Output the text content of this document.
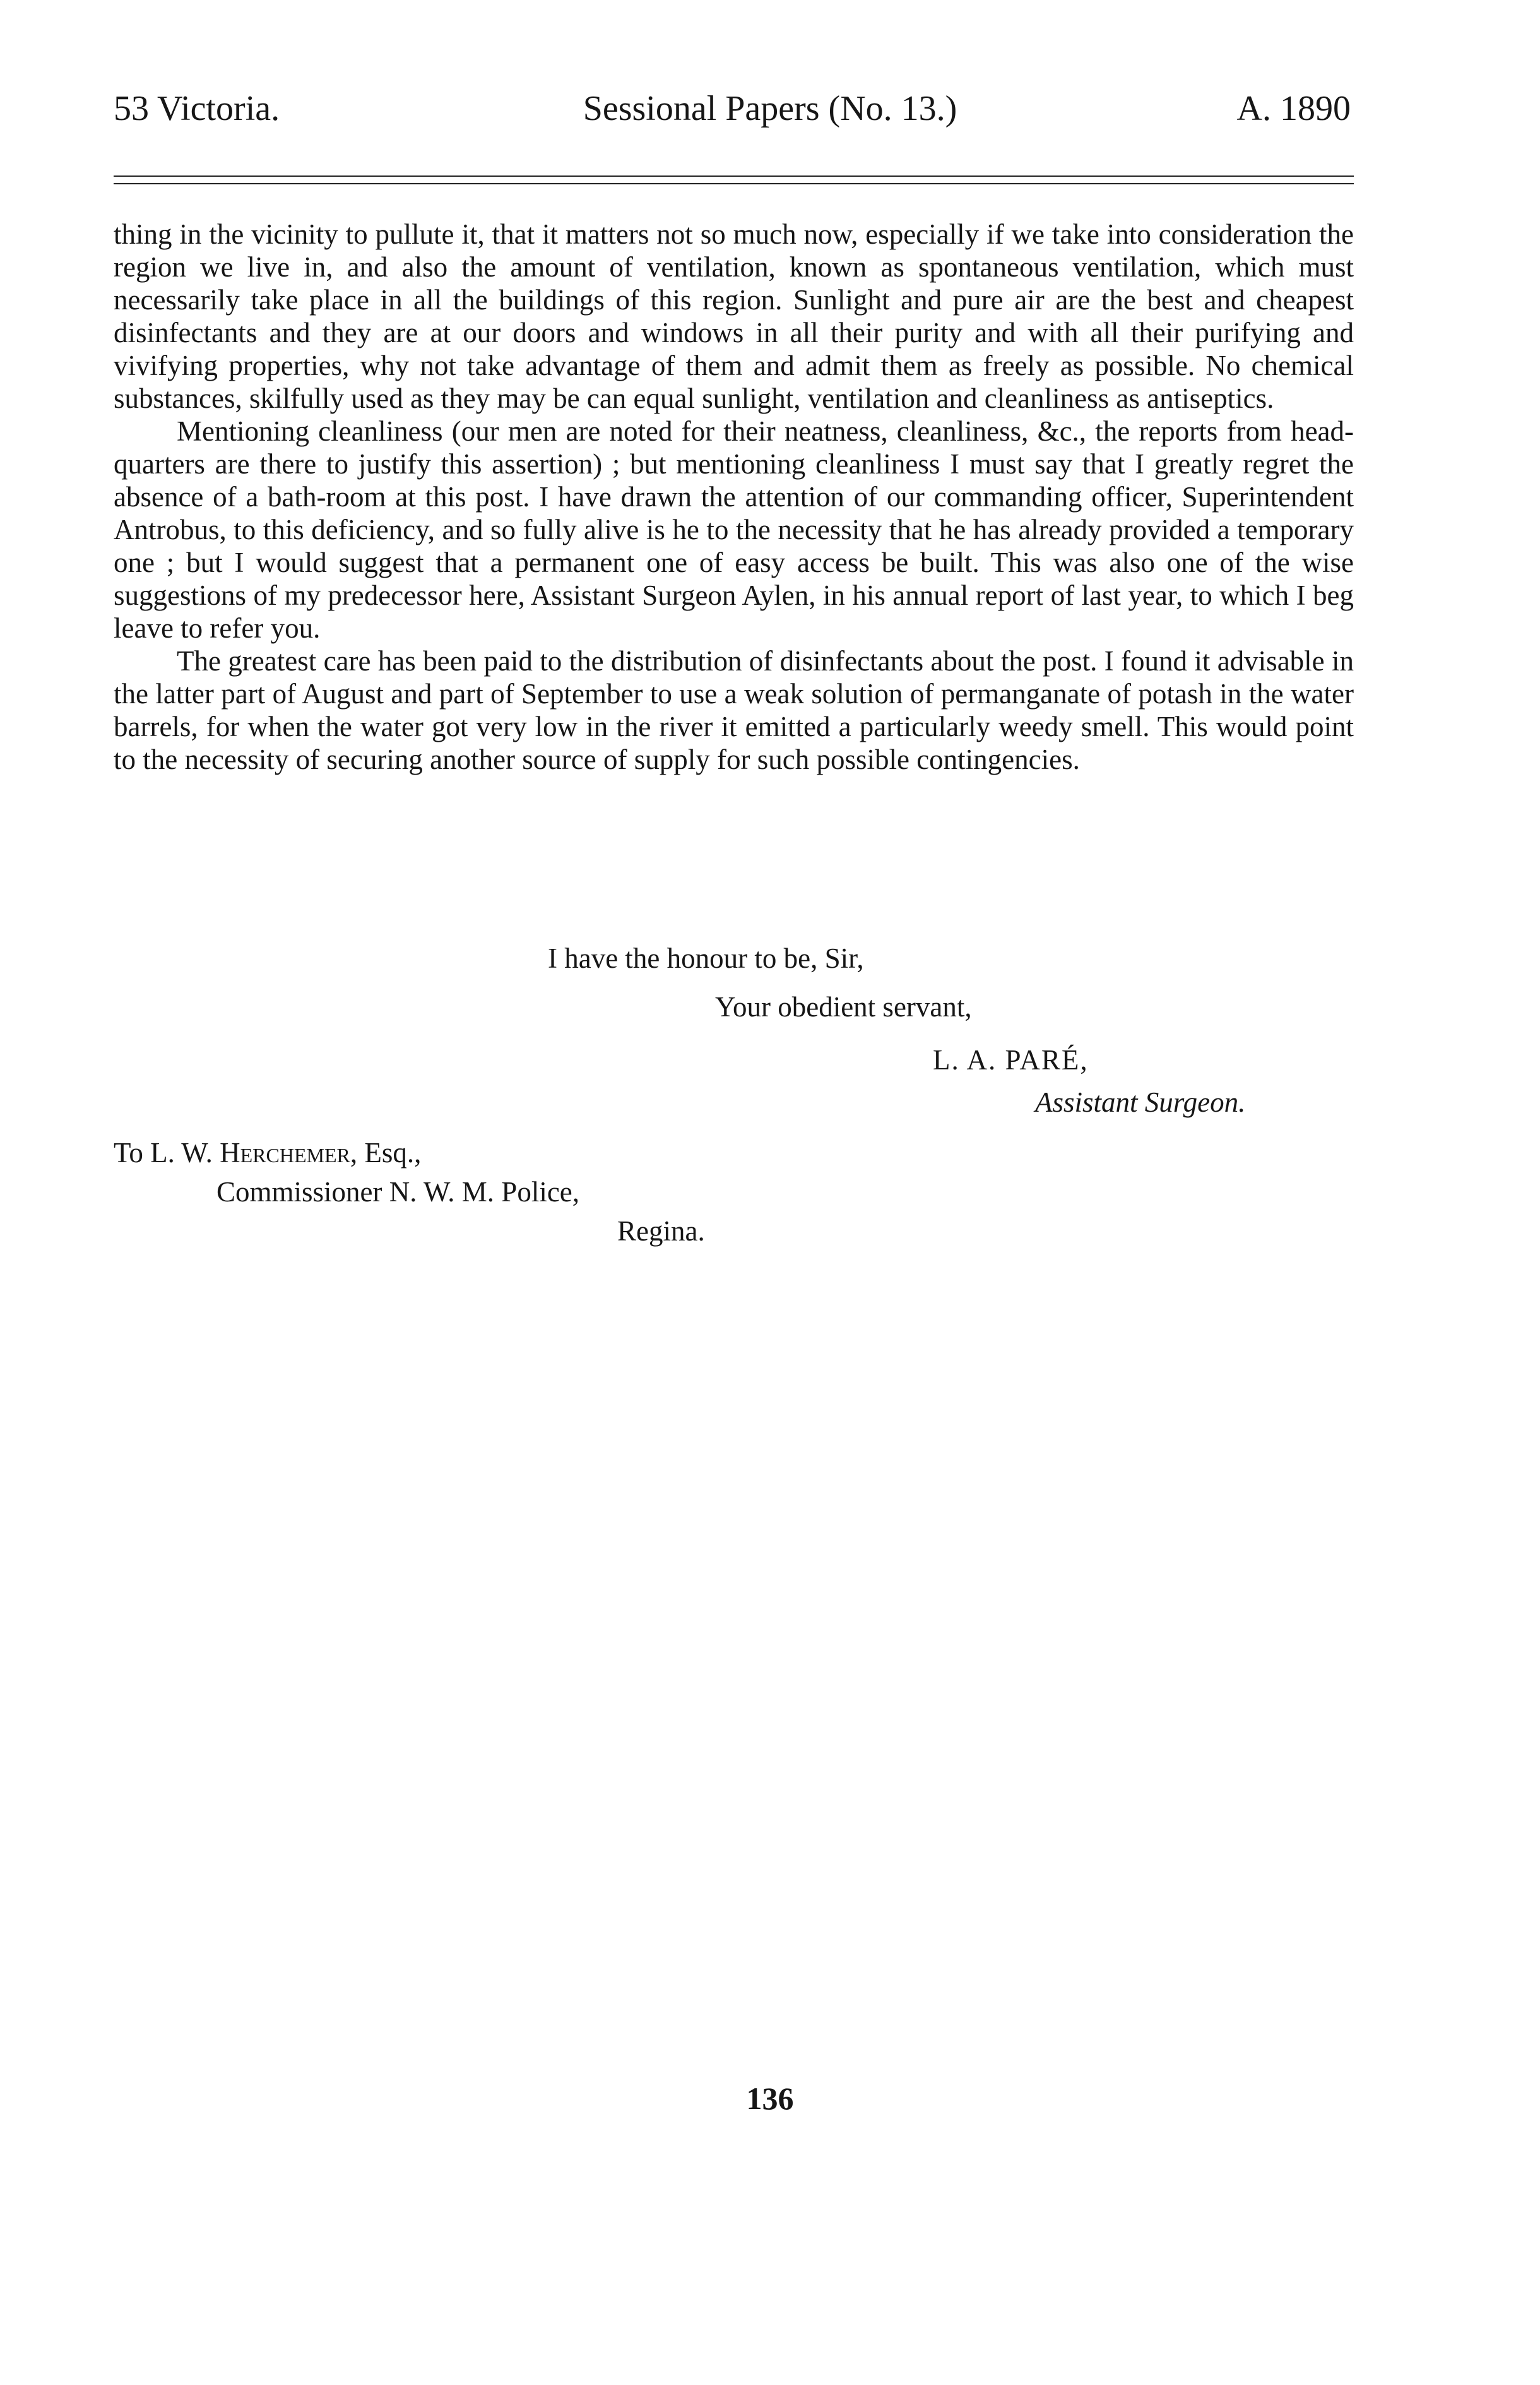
53 Victoria.	Sessional Papers (No. 13.)	A. 1890

thing in the vicinity to pullute it, that it matters not so much now, especially if we take into consideration the region we live in, and also the amount of ventilation, known as spontaneous ventilation, which must necessarily take place in all the buildings of this region. Sunlight and pure air are the best and cheapest disinfectants and they are at our doors and windows in all their purity and with all their purifying and vivifying properties, why not take advantage of them and admit them as freely as possible. No chemical substances, skilfully used as they may be can equal sunlight, ventilation and cleanliness as antiseptics.

Mentioning cleanliness (our men are noted for their neatness, cleanliness, &c., the reports from head-quarters are there to justify this assertion) ; but mentioning cleanliness I must say that I greatly regret the absence of a bath-room at this post. I have drawn the attention of our commanding officer, Superintendent Antrobus, to this deficiency, and so fully alive is he to the necessity that he has already provided a temporary one ; but I would suggest that a permanent one of easy access be built. This was also one of the wise suggestions of my predecessor here, Assistant Surgeon Aylen, in his annual report of last year, to which I beg leave to refer you.

The greatest care has been paid to the distribution of disinfectants about the post. I found it advisable in the latter part of August and part of September to use a weak solution of permanganate of potash in the water barrels, for when the water got very low in the river it emitted a particularly weedy smell. This would point to the necessity of securing another source of supply for such possible contingencies.

I have the honour to be, Sir,
Your obedient servant,
L. A. PARÉ,
Assistant Surgeon.
To L. W. Herchemer, Esq.,
Commissioner N. W. M. Police,
Regina.
136
